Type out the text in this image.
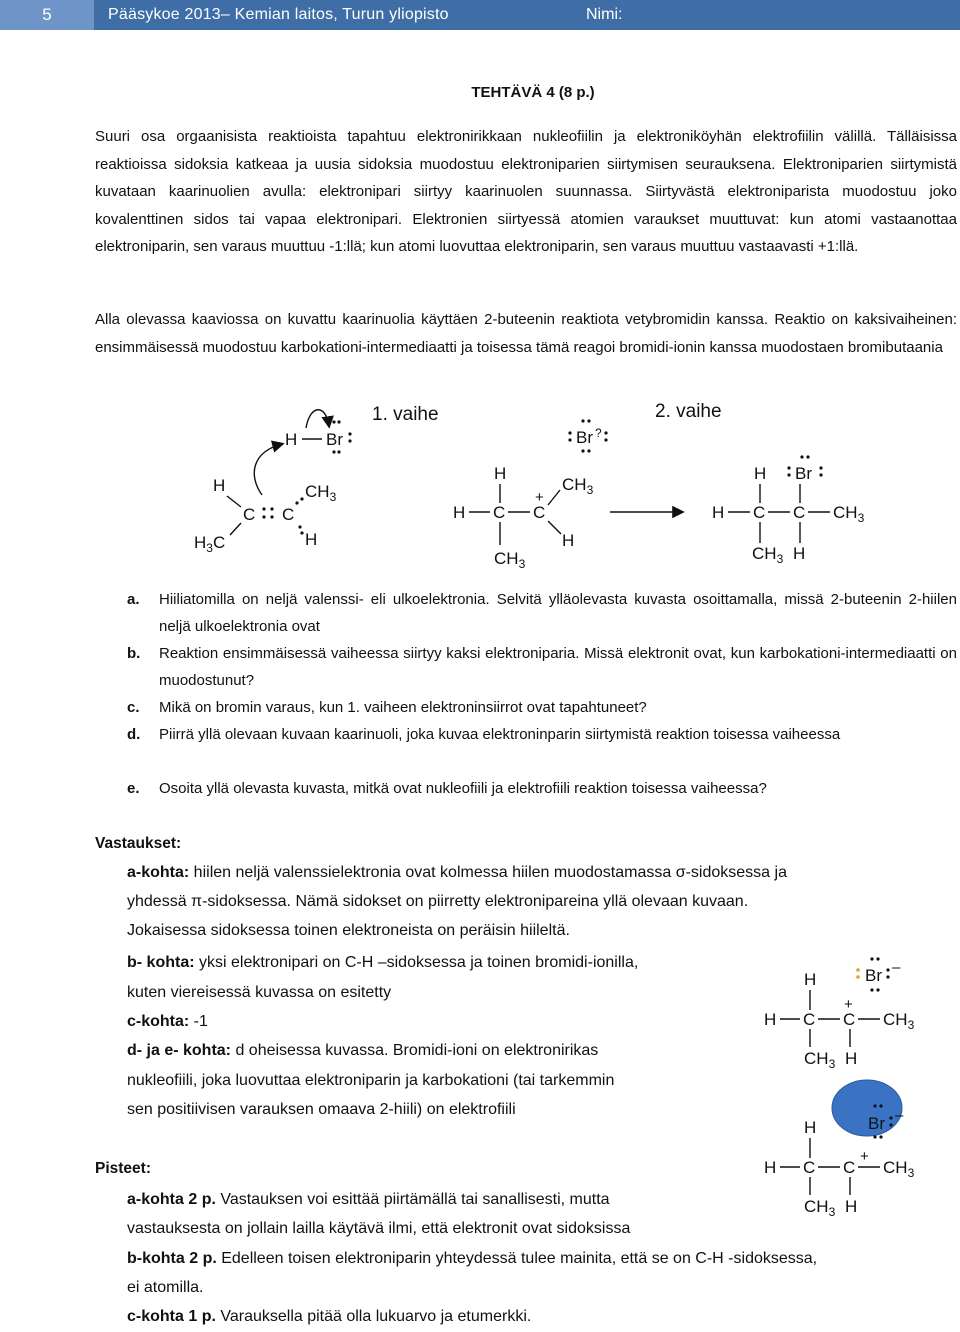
5	Pääsykoe 2013– Kemian laitos, Turun yliopisto	Nimi:
TEHTÄVÄ 4 (8 p.)
Suuri osa orgaanisista reaktioista tapahtuu elektronirikkaan nukleofiilin ja elektroniköyhän elektrofiilin välillä. Tälläisissa reaktioissa sidoksia katkeaa ja uusia sidoksia muodostuu elektroniparien siirtymisen seurauksena. Elektroniparien siirtymistä kuvataan kaarinuolien avulla: elektronipari siirtyy kaarinuolen suunnassa. Siirtyvästä elektroniparista muodostuu joko kovalenttinen sidos tai vapaa elektronipari. Elektronien siirtyessä atomien varaukset muuttuvat: kun atomi vastaanottaa elektroniparin, sen varaus muuttuu -1:llä; kun atomi luovuttaa elektroniparin, sen varaus muuttuu vastaavasti +1:llä.
Alla olevassa kaaviossa on kuvattu kaarinuolia käyttäen 2-buteenin reaktiota vetybromidin kanssa. Reaktio on kaksivaiheinen: ensimmäisessä muodostuu karbokationi-intermediaatti ja toisessa tämä reagoi bromidi-ionin kanssa muodostaen bromibutaania
1. vaihe	2. vaihe
H Br
H
C C
$CH_3$
H
$H_3C$
Br ?
H
H C C
+
$CH_3$
H
$CH_3$
H Br
H C C $CH_3$
$CH_3$ H
Br –
H
H C C
+
$CH_3$
$CH_3$ H
Br –
H
H C C
+
$CH_3$
$CH_3$ H
a. Hiiliatomilla on neljä valenssi- eli ulkoelektronia. Selvitä ylläolevasta kuvasta osoittamalla, missä 2-buteenin 2-hiilen neljä ulkoelektronia ovat
b. Reaktion ensimmäisessä vaiheessa siirtyy kaksi elektroniparia. Missä elektronit ovat, kun karbokationi-intermediaatti on muodostunut?
c. Mikä on bromin varaus, kun 1. vaiheen elektroninsiirrot ovat tapahtuneet?
d. Piirrä yllä olevaan kuvaan kaarinuoli, joka kuvaa elektroninparin siirtymistä reaktion toisessa vaiheessa
e. Osoita yllä olevasta kuvasta, mitkä ovat nukleofiili ja elektrofiili reaktion toisessa vaiheessa?
Vastaukset:
a-kohta: hiilen neljä valenssielektronia ovat kolmessa hiilen muodostamassa σ-sidoksessa ja
yhdessä π-sidoksessa. Nämä sidokset on piirretty elektronipareina yllä olevaan kuvaan.
Jokaisessa sidoksessa toinen elektroneista on peräisin hiileltä.
b- kohta: yksi elektronipari on C-H –sidoksessa ja toinen bromidi-ionilla,
kuten viereisessä kuvassa on esitetty
c-kohta: -1
d- ja e- kohta: d oheisessa kuvassa. Bromidi-ioni on elektronirikas
nukleofiili, joka luovuttaa elektroniparin ja karbokationi (tai tarkemmin
sen positiivisen varauksen omaava 2-hiili) on elektrofiili
Pisteet:
a-kohta 2 p. Vastauksen voi esittää piirtämällä tai sanallisesti, mutta
vastauksesta on jollain lailla käytävä ilmi, että elektronit ovat sidoksissa
b-kohta 2 p. Edelleen toisen elektroniparin yhteydessä tulee mainita, että se on C-H -sidoksessa,
ei atomilla.
c-kohta 1 p. Varauksella pitää olla lukuarvo ja etumerkki.
